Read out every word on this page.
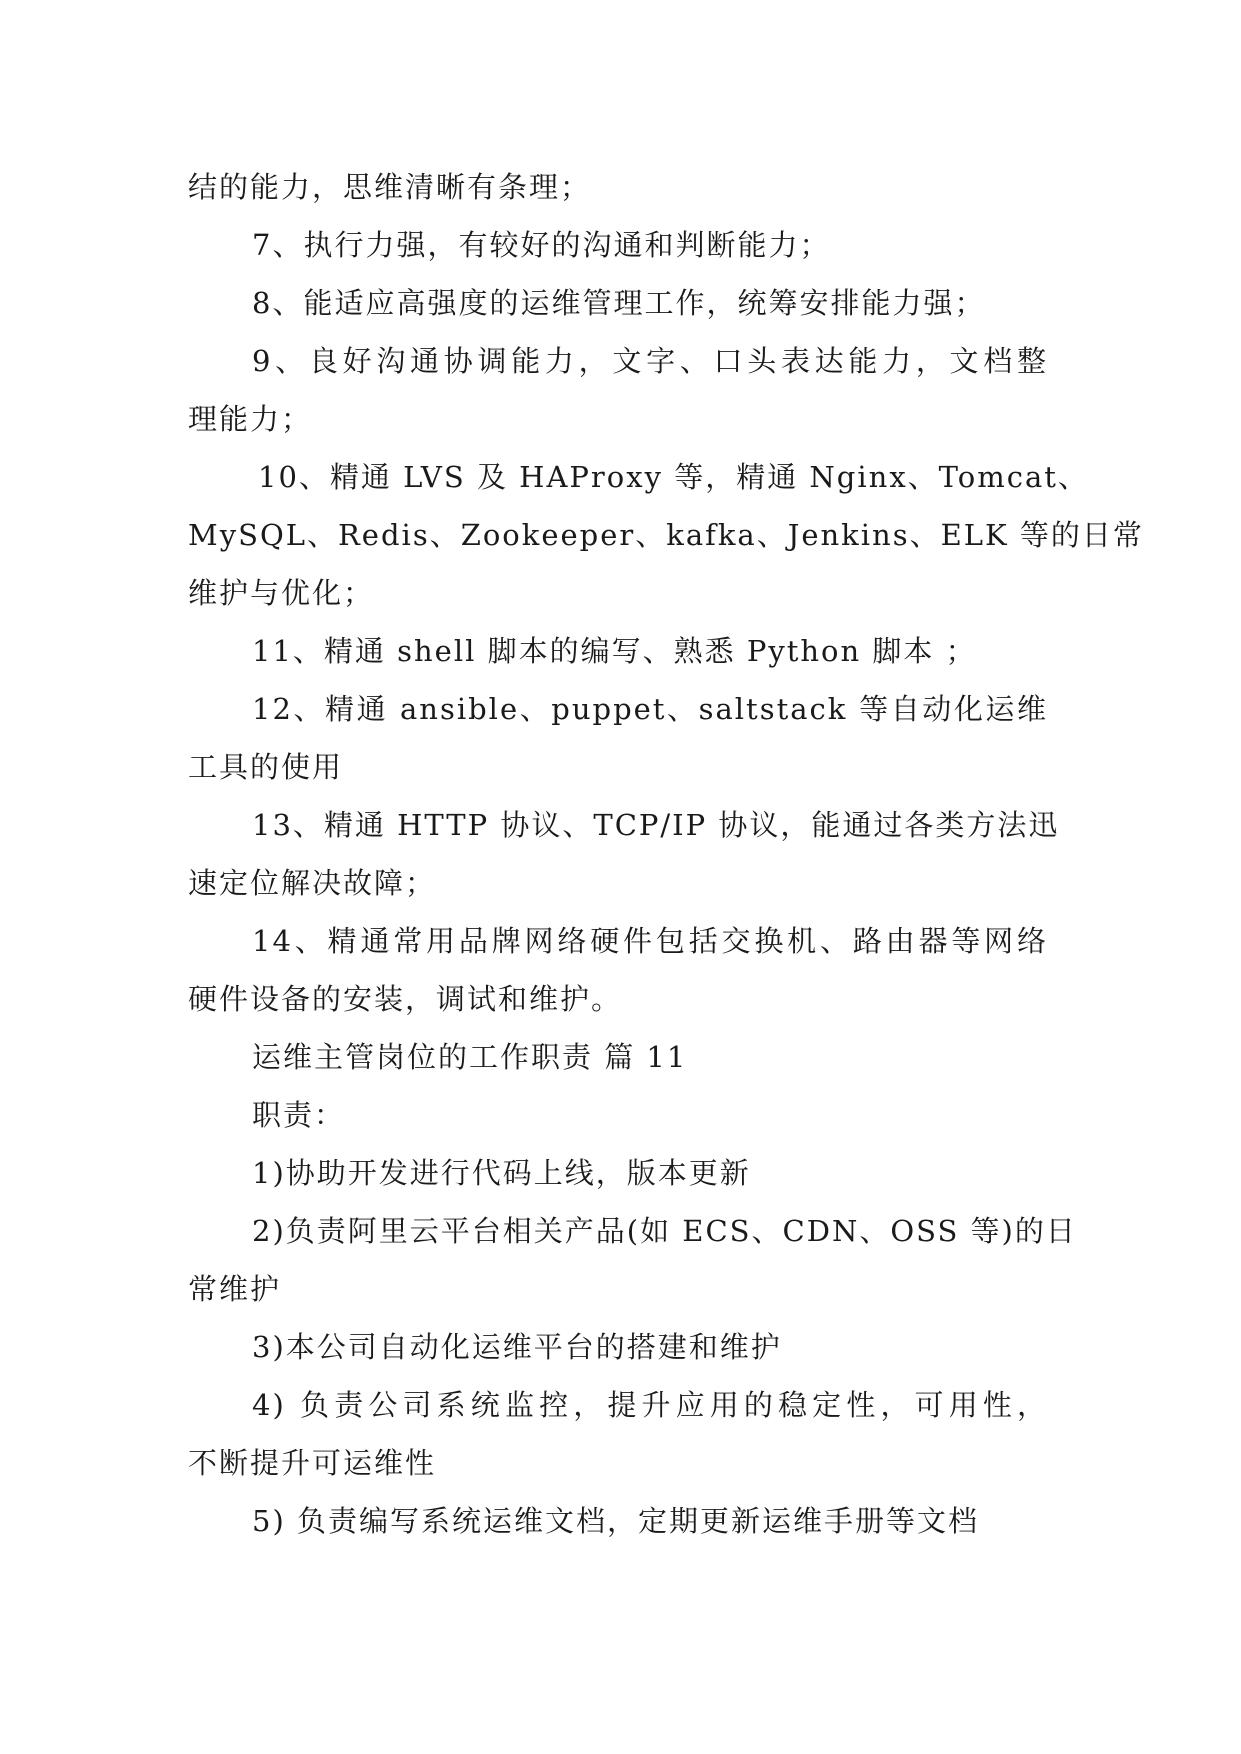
结的能力，思维清晰有条理；
7、执行力强，有较好的沟通和判断能力；
8、能适应高强度的运维管理工作，统筹安排能力强；
9、良好沟通协调能力，文字、口头表达能力，文档整
理能力；
10、精通 LVS 及 HAProxy 等，精通 Nginx、Tomcat、
MySQL、Redis、Zookeeper、kafka、Jenkins、ELK 等的日常
维护与优化；
11、精通 shell 脚本的编写、熟悉 Python 脚本 ；
12、精通 ansible、puppet、saltstack 等自动化运维
工具的使用
13、精通 HTTP 协议、TCP/IP 协议，能通过各类方法迅
速定位解决故障；
14、精通常用品牌网络硬件包括交换机、路由器等网络
硬件设备的安装，调试和维护。
运维主管岗位的工作职责 篇 11
职责：
1)协助开发进行代码上线，版本更新
2)负责阿里云平台相关产品(如 ECS、CDN、OSS 等)的日
常维护
3)本公司自动化运维平台的搭建和维护
4) 负责公司系统监控，提升应用的稳定性，可用性，
不断提升可运维性
5) 负责编写系统运维文档，定期更新运维手册等文档
